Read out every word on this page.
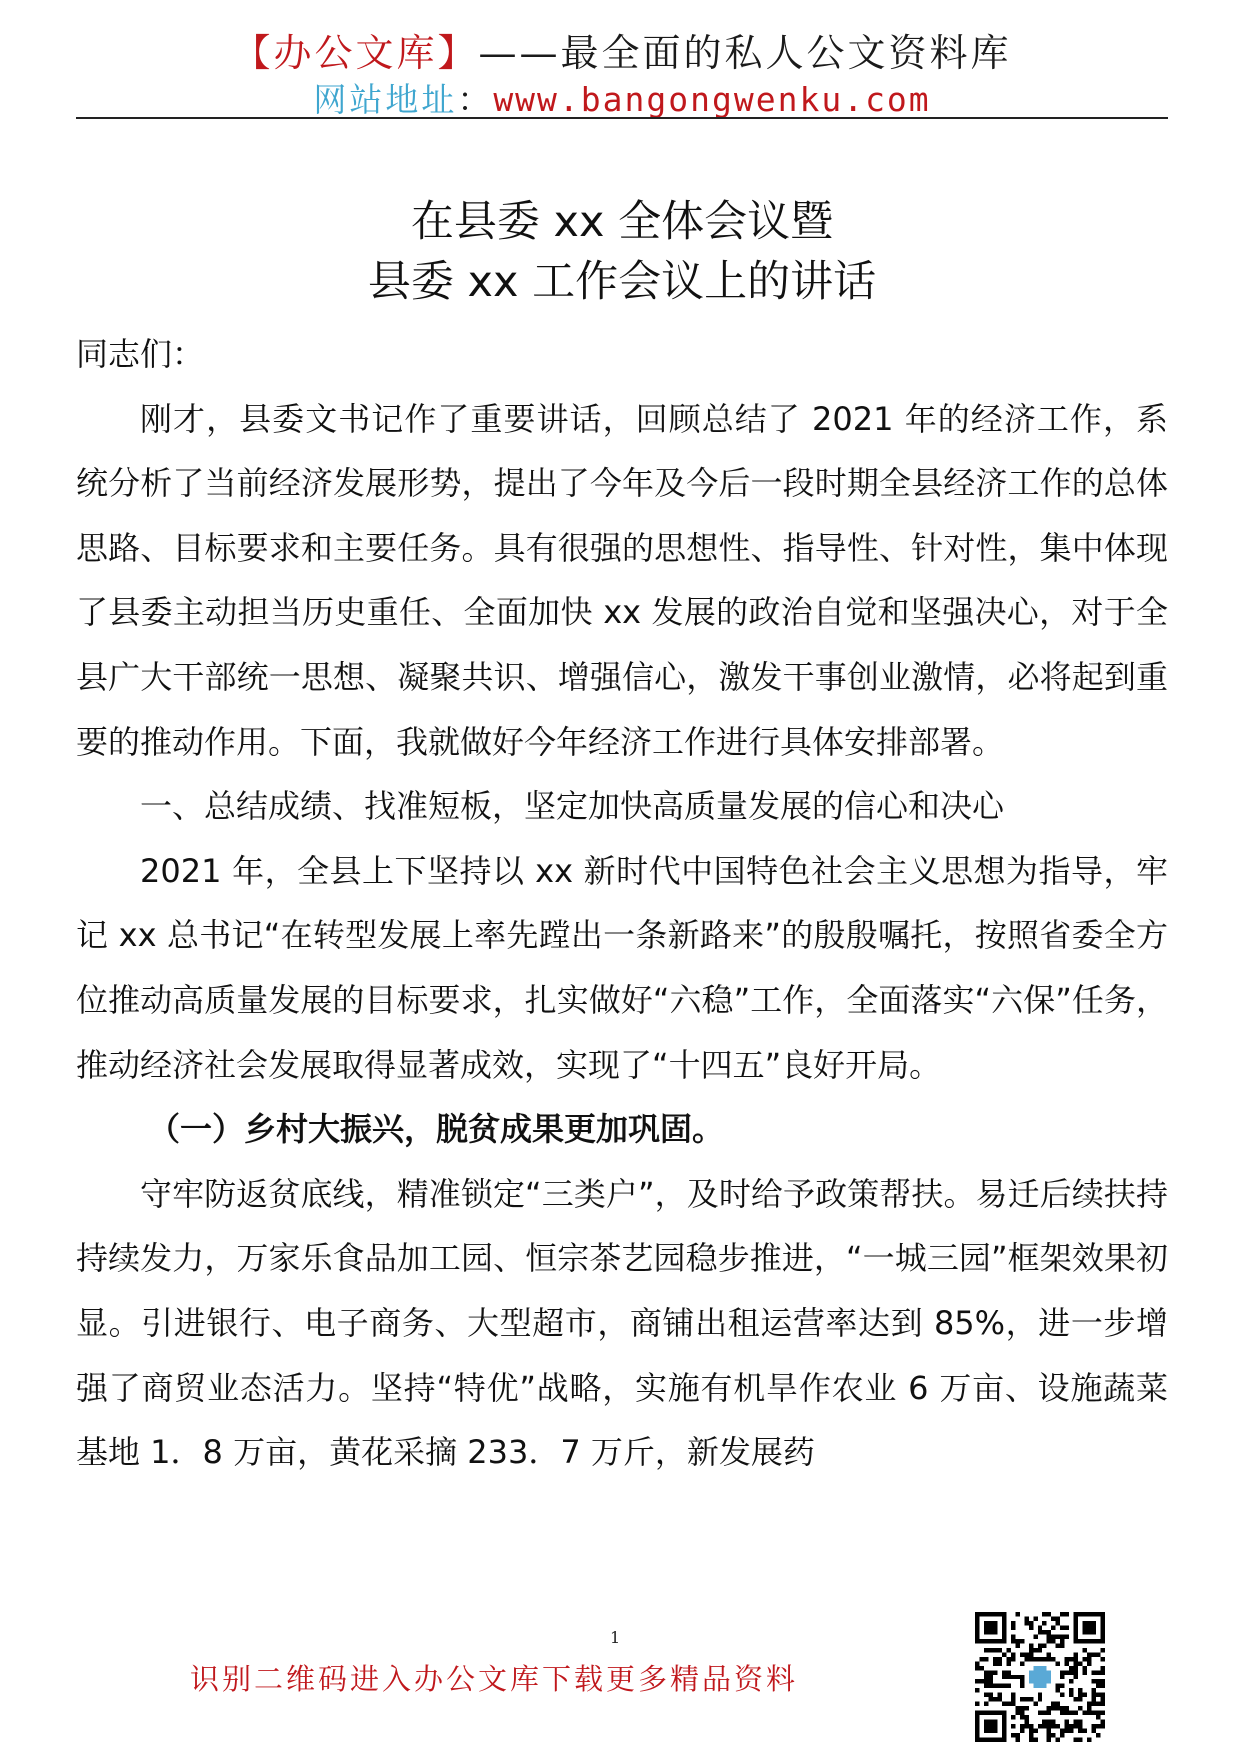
【办公文库】——最全面的私人公文资料库
网站地址：www.bangongwenku.com
在县委 xx 全体会议暨
县委 xx 工作会议上的讲话

同志们：

刚才，县委文书记作了重要讲话，回顾总结了 2021 年的经济工作，系统分析了当前经济发展形势，提出了今年及今后一段时期全县经济工作的总体思路、目标要求和主要任务。具有很强的思想性、指导性、针对性，集中体现了县委主动担当历史重任、全面加快 xx 发展的政治自觉和坚强决心，对于全县广大干部统一思想、凝聚共识、增强信心，激发干事创业激情，必将起到重要的推动作用。下面，我就做好今年经济工作进行具体安排部署。

一、总结成绩、找准短板，坚定加快高质量发展的信心和决心

2021 年，全县上下坚持以 xx 新时代中国特色社会主义思想为指导，牢记 xx 总书记“在转型发展上率先蹚出一条新路来”的殷殷嘱托，按照省委全方位推动高质量发展的目标要求，扎实做好“六稳”工作，全面落实“六保”任务，推动经济社会发展取得显著成效，实现了“十四五”良好开局。

（一）乡村大振兴，脱贫成果更加巩固。

守牢防返贫底线，精准锁定“三类户”，及时给予政策帮扶。易迁后续扶持持续发力，万家乐食品加工园、恒宗茶艺园稳步推进，“一城三园”框架效果初显。引进银行、电子商务、大型超市，商铺出租运营率达到 85%，进一步增强了商贸业态活力。坚持“特优”战略，实施有机旱作农业 6 万亩、设施蔬菜基地 1．8 万亩，黄花采摘 233．7 万斤，新发展药

1
识别二维码进入办公文库下载更多精品资料
